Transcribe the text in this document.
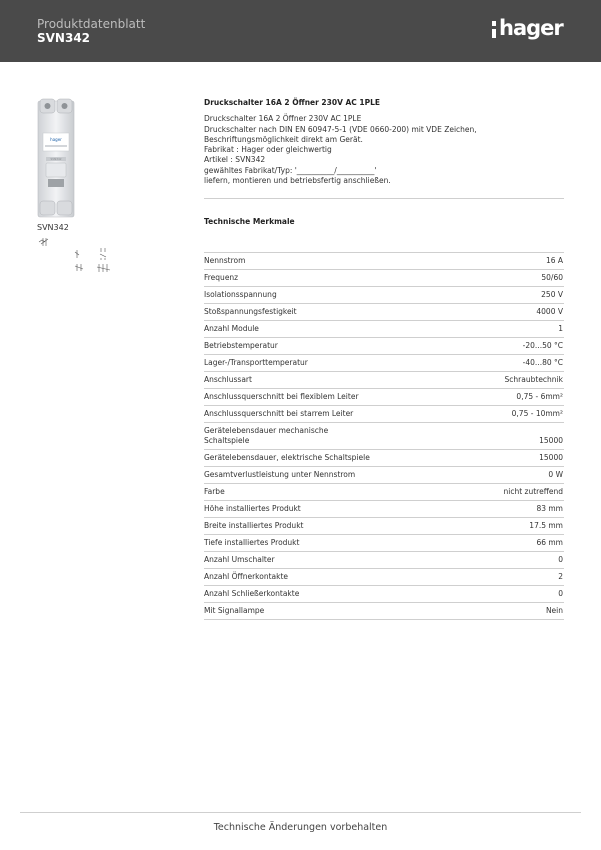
Produktdatenblatt
SVN342	hager
hager
SVN342
SVN342
Druckschalter 16A 2 Öffner 230V AC 1PLE
Druckschalter 16A 2 Öffner 230V AC 1PLE
Druckschalter nach DIN EN 60947-5-1 (VDE 0660-200) mit VDE Zeichen,
Beschriftungsmöglichkeit direkt am Gerät.
Fabrikat : Hager oder gleichwertig
Artikel : SVN342
gewähltes Fabrikat/Typ: '__________/__________'
liefern, montieren und betriebsfertig anschließen.
Technische Merkmale
Nennstrom	16 A
Frequenz	50/60
Isolationsspannung	250 V
Stoßspannungsfestigkeit	4000 V
Anzahl Module	1
Betriebstemperatur	-20...50 °C
Lager-/Transporttemperatur	-40...80 °C
Anschlussart	Schraubtechnik
Anschlussquerschnitt bei flexiblem Leiter	0,75 - 6mm²
Anschlussquerschnitt bei starrem Leiter	0,75 - 10mm²
Gerätelebensdauer mechanische Schaltspiele	15000
Gerätelebensdauer, elektrische Schaltspiele	15000
Gesamtverlustleistung unter Nennstrom	0 W
Farbe	nicht zutreffend
Höhe installiertes Produkt	83 mm
Breite installiertes Produkt	17.5 mm
Tiefe installiertes Produkt	66 mm
Anzahl Umschalter	0
Anzahl Öffnerkontakte	2
Anzahl Schließerkontakte	0
Mit Signallampe	Nein
Technische Änderungen vorbehalten
